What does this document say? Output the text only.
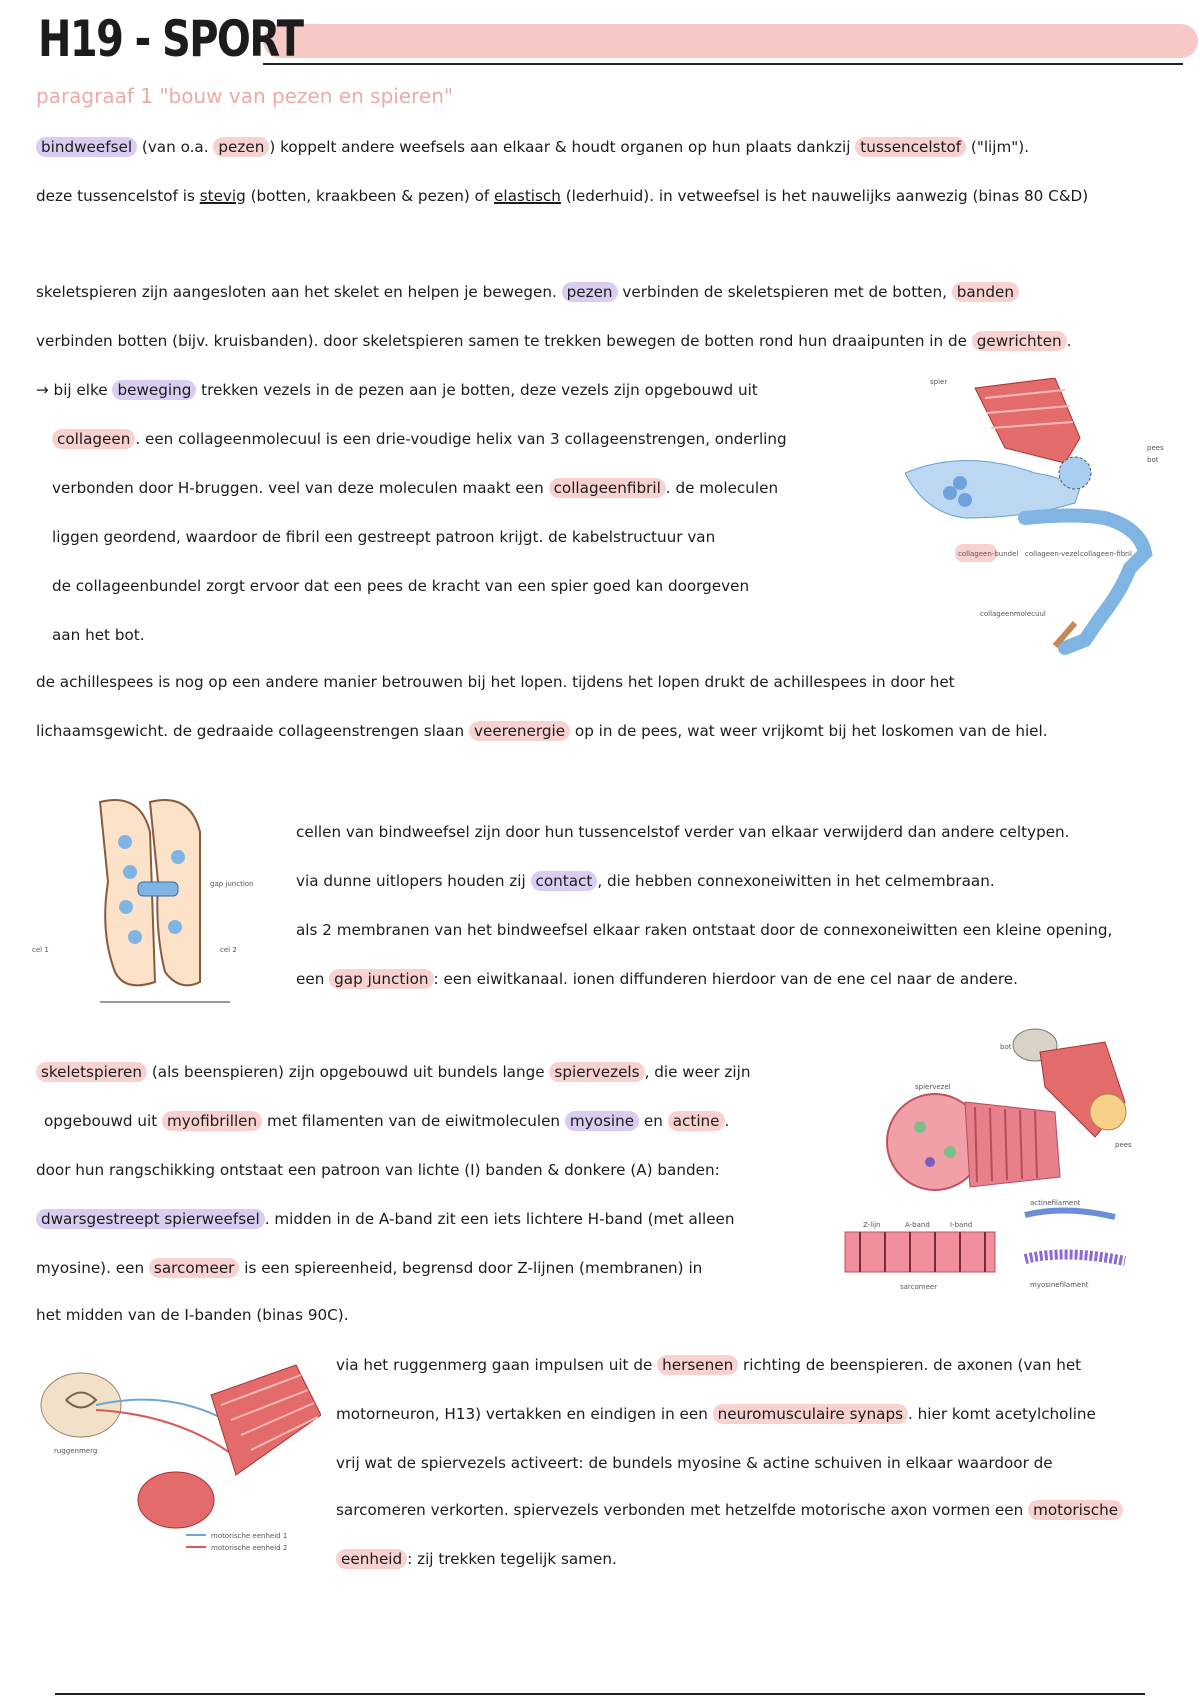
H19 - SPORT
paragraaf 1 "bouw van pezen en spieren"
bindweefsel (van o.a. pezen ) koppelt andere weefsels aan elkaar & houdt organen op hun plaats dankzij tussencelstof ("lijm").
deze tussencelstof is stevig (botten, kraakbeen & pezen) of elastisch (lederhuid). in vetweefsel is het nauwelijks aanwezig (binas 80 C&D)
skeletspieren zijn aangesloten aan het skelet en helpen je bewegen. pezen verbinden de skeletspieren met de botten, banden
verbinden botten (bijv. kruisbanden). door skeletspieren samen te trekken bewegen de botten rond hun draaipunten in de gewrichten .
→ bij elke beweging trekken vezels in de pezen aan je botten, deze vezels zijn opgebouwd uit
collageen . een collageenmolecuul is een drie-voudige helix van 3 collageenstrengen, onderling
verbonden door H-bruggen. veel van deze moleculen maakt een collageenfibril . de moleculen
liggen geordend, waardoor de fibril een gestreept patroon krijgt. de kabelstructuur van
de collageenbundel zorgt ervoor dat een pees de kracht van een spier goed kan doorgeven
aan het bot.
de achillespees is nog op een andere manier betrouwen bij het lopen. tijdens het lopen drukt de achillespees in door het
lichaamsgewicht. de gedraaide collageenstrengen slaan veerenergie op in de pees, wat weer vrijkomt bij het loskomen van de hiel.
spier
pees
bot
collageen-bundel collageen-vezel collageen-fibril
collageenmolecuul
gap junction
cel 1	cel 2
cellen van bindweefsel zijn door hun tussencelstof verder van elkaar verwijderd dan andere celtypen.
via dunne uitlopers houden zij contact , die hebben connexoneiwitten in het celmembraan.
als 2 membranen van het bindweefsel elkaar raken ontstaat door de connexoneiwitten een kleine opening,
een gap junction : een eiwitkanaal. ionen diffunderen hierdoor van de ene cel naar de andere.
skeletspieren (als beenspieren) zijn opgebouwd uit bundels lange spiervezels , die weer zijn
opgebouwd uit myofibrillen met filamenten van de eiwitmoleculen myosine en actine .
door hun rangschikking ontstaat een patroon van lichte (I) banden & donkere (A) banden:
dwarsgestreept spierweefsel . midden in de A-band zit een iets lichtere H-band (met alleen
myosine). een sarcomeer is een spiereenheid, begrensd door Z-lijnen (membranen) in
het midden van de I-banden (binas 90C).
bot
pees
spiervezel
actinefilament
myosinefilament
Z-lijn	A-band	I-band
sarcomeer
motorische eenheid 1
motorische eenheid 2
ruggenmerg
via het ruggenmerg gaan impulsen uit de hersenen richting de beenspieren. de axonen (van het
motorneuron, H13) vertakken en eindigen in een neuromusculaire synaps . hier komt acetylcholine
vrij wat de spiervezels activeert: de bundels myosine & actine schuiven in elkaar waardoor de
sarcomeren verkorten. spiervezels verbonden met hetzelfde motorische axon vormen een motorische
eenheid : zij trekken tegelijk samen.
